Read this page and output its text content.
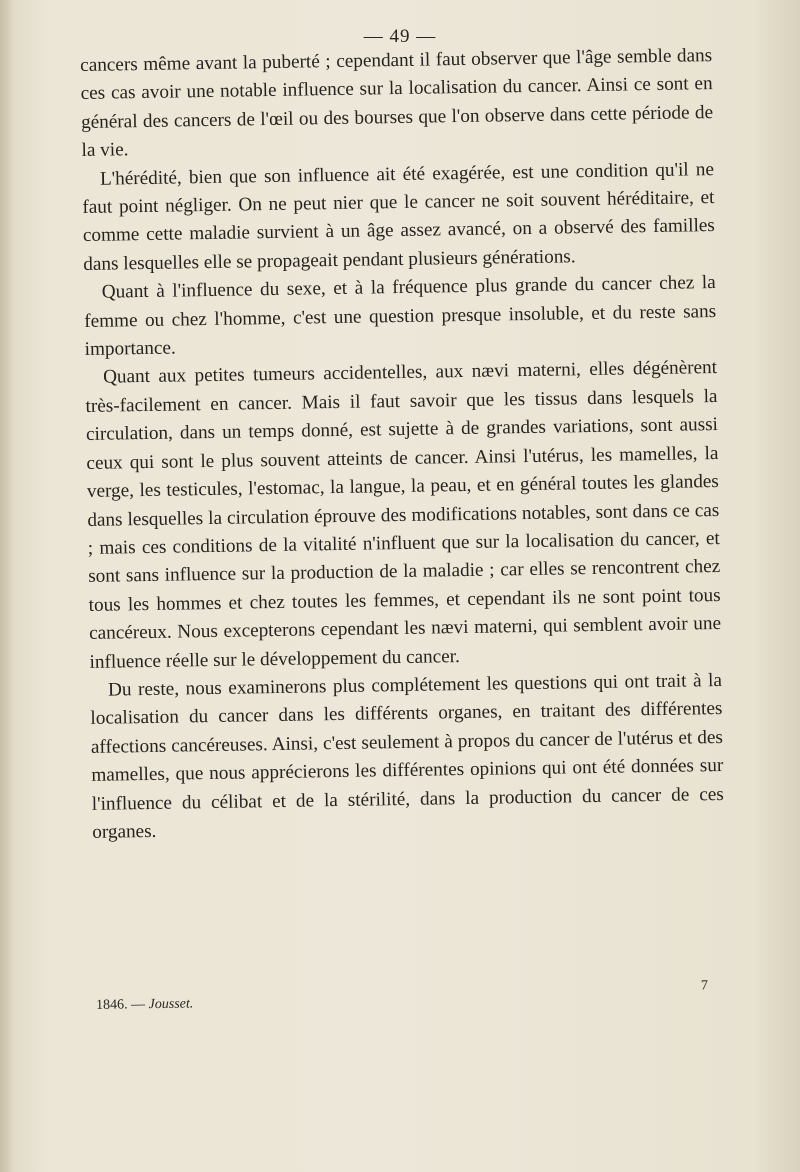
— 49 —

cancers même avant la puberté ; cependant il faut observer que l'âge semble dans ces cas avoir une notable influence sur la localisation du cancer. Ainsi ce sont en général des cancers de l'œil ou des bourses que l'on observe dans cette période de la vie.

L'hérédité, bien que son influence ait été exagérée, est une condition qu'il ne faut point négliger. On ne peut nier que le cancer ne soit souvent héréditaire, et comme cette maladie survient à un âge assez avancé, on a observé des familles dans lesquelles elle se propageait pendant plusieurs générations.

Quant à l'influence du sexe, et à la fréquence plus grande du cancer chez la femme ou chez l'homme, c'est une question presque insoluble, et du reste sans importance.

Quant aux petites tumeurs accidentelles, aux nævi materni, elles dégénèrent très-facilement en cancer. Mais il faut savoir que les tissus dans lesquels la circulation, dans un temps donné, est sujette à de grandes variations, sont aussi ceux qui sont le plus souvent atteints de cancer. Ainsi l'utérus, les mamelles, la verge, les testicules, l'estomac, la langue, la peau, et en général toutes les glandes dans lesquelles la circulation éprouve des modifications notables, sont dans ce cas ; mais ces conditions de la vitalité n'influent que sur la localisation du cancer, et sont sans influence sur la production de la maladie ; car elles se rencontrent chez tous les hommes et chez toutes les femmes, et cependant ils ne sont point tous cancéreux. Nous excepterons cependant les nævi materni, qui semblent avoir une influence réelle sur le développement du cancer.

Du reste, nous examinerons plus complétement les questions qui ont trait à la localisation du cancer dans les différents organes, en traitant des différentes affections cancéreuses. Ainsi, c'est seulement à propos du cancer de l'utérus et des mamelles, que nous apprécierons les différentes opinions qui ont été données sur l'influence du célibat et de la stérilité, dans la production du cancer de ces organes.

1846. — Jousset.
7
